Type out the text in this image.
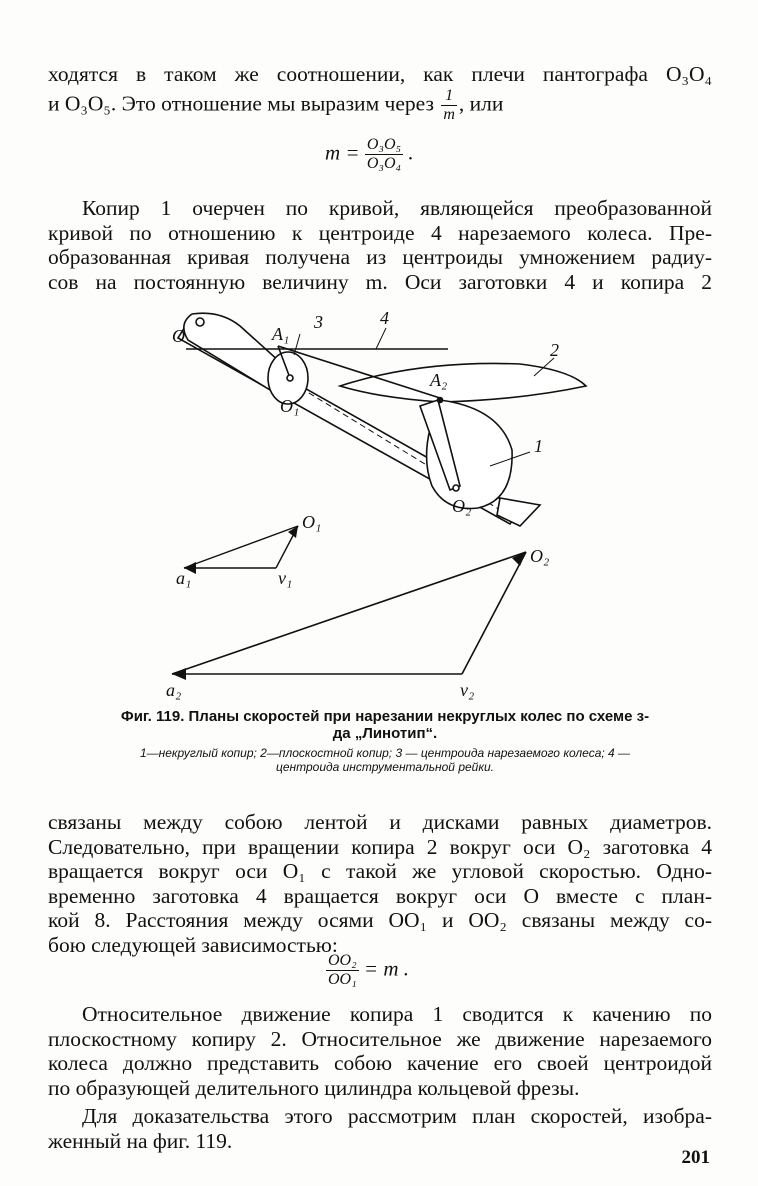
ходятся в таком же соотношении, как плечи пантографа O₃O₄

и O₃O₅. Это отношение мы выразим через $\frac{1}{m}$ , или
$m = \frac{\text{O₃O₅}}{\text{O₃O₄}}$ .

Копир 1 очерчен по кривой, являющейся преобразованной
кривой по отношению к центроиде 4 нарезаемого колеса. Пре-
образованная кривая получена из центроиды умножением радиу-
сов на постоянную величину m. Оси заготовки 4 и копира 2

O	A₁
3	4
2
A₂
O₁
1
O₂
O₁
a₁	v₁
O₂
a₂	v₂
Фиг. 119. Планы скоростей при нарезании некруглых колес по схеме з-да „Линотип“.
1—некруглый копир; 2—плоскостной копир; 3 — центроида нарезаемого колеса; 4 — центроида инструментальной рейки.

связаны между собою лентой и дисками равных диаметров.
Следовательно, при вращении копира 2 вокруг оси O₂ заготовка 4
вращается вокруг оси O₁ с такой же угловой скоростью. Одно-
временно заготовка 4 вращается вокруг оси O вместе с план-
кой 8. Расстояния между осями OO₁ и OO₂ связаны между со-
бою следующей зависимостью:

$\frac{\text{OO₂}}{\text{OO₁}} = m$ .

Относительное движение копира 1 сводится к качению по
плоскостному копиру 2. Относительное же движение нарезаемого
колеса должно представить собою качение его своей центроидой
по образующей делительного цилиндра кольцевой фрезы.

Для доказательства этого рассмотрим план скоростей, изобра-
женный на фиг. 119.

201
